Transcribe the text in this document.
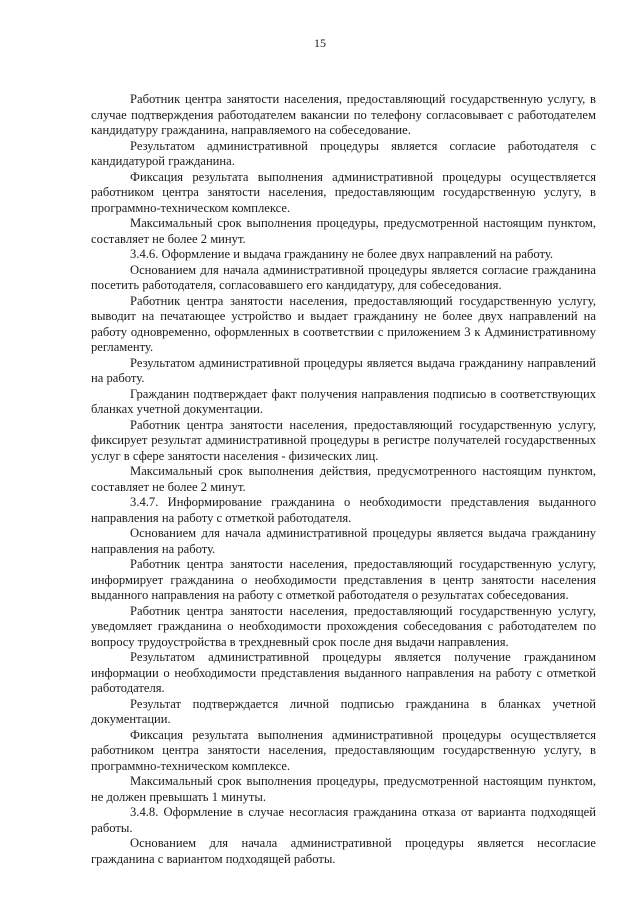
15

Работник центра занятости населения, предоставляющий государственную услугу, в случае подтверждения работодателем вакансии по телефону согласовывает с работодателем кандидатуру гражданина, направляемого на собеседование.

Результатом административной процедуры является согласие работодателя с кандидатурой гражданина.

Фиксация результата выполнения административной процедуры осуществляется работником центра занятости населения, предоставляющим государственную услугу, в программно-техническом комплексе.

Максимальный срок выполнения процедуры, предусмотренной настоящим пунктом, составляет не более 2 минут.

3.4.6. Оформление и выдача гражданину не более двух направлений на работу.

Основанием для начала административной процедуры является согласие гражданина посетить работодателя, согласовавшего его кандидатуру, для собеседования.

Работник центра занятости населения, предоставляющий государственную услугу, выводит на печатающее устройство и выдает гражданину не более двух направлений на работу одновременно, оформленных в соответствии с приложением 3 к Административному регламенту.

Результатом административной процедуры является выдача гражданину направлений на работу.

Гражданин подтверждает факт получения направления подписью в соответствующих бланках учетной документации.

Работник центра занятости населения, предоставляющий государственную услугу, фиксирует результат административной процедуры в регистре получателей государственных услуг в сфере занятости населения - физических лиц.

Максимальный срок выполнения действия, предусмотренного настоящим пунктом, составляет не более 2 минут.

3.4.7. Информирование гражданина о необходимости представления выданного направления на работу с отметкой работодателя.

Основанием для начала административной процедуры является выдача гражданину направления на работу.

Работник центра занятости населения, предоставляющий государственную услугу, информирует гражданина о необходимости представления в центр занятости населения выданного направления на работу с отметкой работодателя о результатах собеседования.

Работник центра занятости населения, предоставляющий государственную услугу, уведомляет гражданина о необходимости прохождения собеседования с работодателем по вопросу трудоустройства в трехдневный срок после дня выдачи направления.

Результатом административной процедуры является получение гражданином информации о необходимости представления выданного направления на работу с отметкой работодателя.

Результат подтверждается личной подписью гражданина в бланках учетной документации.

Фиксация результата выполнения административной процедуры осуществляется работником центра занятости населения, предоставляющим государственную услугу, в программно-техническом комплексе.

Максимальный срок выполнения процедуры, предусмотренной настоящим пунктом, не должен превышать 1 минуты.

3.4.8. Оформление в случае несогласия гражданина отказа от варианта подходящей работы.

Основанием для начала административной процедуры является несогласие гражданина с вариантом подходящей работы.
